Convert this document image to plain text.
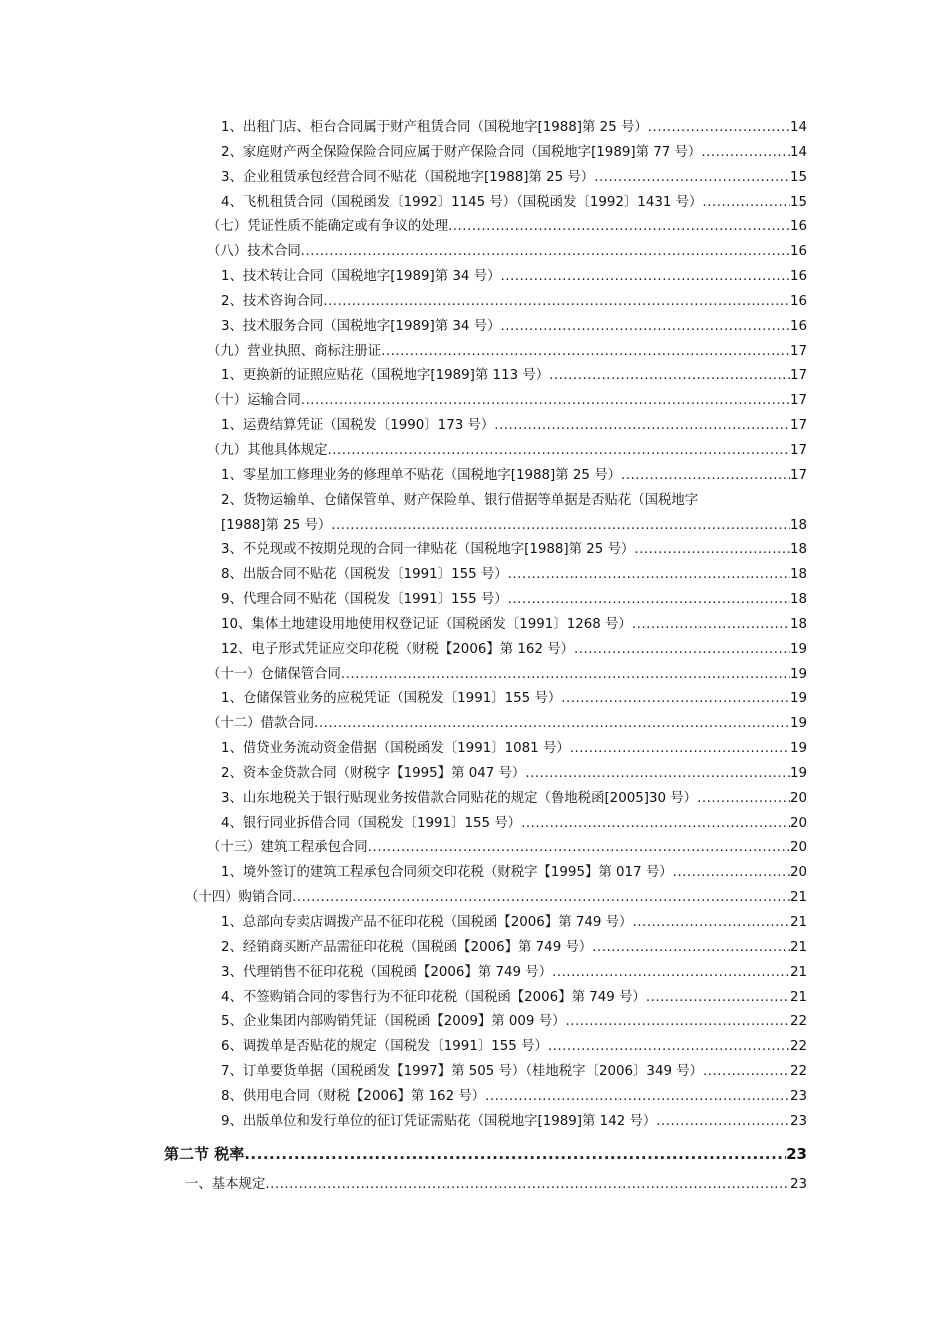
1、出租门店、柜台合同属于财产租赁合同（国税地字[1988]第 25 号） .....	14
2、家庭财产两全保险保险合同应属于财产保险合同（国税地字[1989]第 77 号） .....	14
3、企业租赁承包经营合同不贴花（国税地字[1988]第 25 号） .....	15
4、飞机租赁合同（国税函发〔1992〕1145 号）（国税函发〔1992〕1431 号） .....	15
（七）凭证性质不能确定或有争议的处理 .....	16
（八）技术合同 .....	16
1、技术转让合同（国税地字[1989]第 34 号） .....	16
2、技术咨询合同 .....	16
3、技术服务合同（国税地字[1989]第 34 号） .....	16
（九）营业执照、商标注册证 .....	17
1、更换新的证照应贴花（国税地字[1989]第 113 号） .....	17
（十）运输合同 .....	17
1、运费结算凭证（国税发〔1990〕173 号） .....	17
（九）其他具体规定 .....	17
1、零星加工修理业务的修理单不贴花（国税地字[1988]第 25 号） .....	17
2、货物运输单、仓储保管单、财产保险单、银行借据等单据是否贴花（国税地字
[1988]第 25 号） .....	18
3、不兑现或不按期兑现的合同一律贴花（国税地字[1988]第 25 号） .....	18
8、出版合同不贴花（国税发〔1991〕155 号） .....	18
9、代理合同不贴花（国税发〔1991〕155 号） .....	18
10、集体土地建设用地使用权登记证（国税函发〔1991〕1268 号） .....	18
12、电子形式凭证应交印花税（财税【2006】第 162 号） .....	19
（十一）仓储保管合同 .....	19
1、仓储保管业务的应税凭证（国税发〔1991〕155 号） .....	19
（十二）借款合同 .....	19
1、借贷业务流动资金借据（国税函发〔1991〕1081 号） .....	19
2、资本金贷款合同（财税字【1995】第 047 号） .....	19
3、山东地税关于银行贴现业务按借款合同贴花的规定（鲁地税函[2005]30 号） .....	20
4、银行同业拆借合同（国税发〔1991〕155 号） .....	20
（十三）建筑工程承包合同 .....	20
1、境外签订的建筑工程承包合同须交印花税（财税字【1995】第 017 号） .....	20
（十四）购销合同 .....	21
1、总部向专卖店调拨产品不征印花税（国税函【2006】第 749 号） .....	21
2、经销商买断产品需征印花税（国税函【2006】第 749 号） .....	21
3、代理销售不征印花税（国税函【2006】第 749 号） .....	21
4、不签购销合同的零售行为不征印花税（国税函【2006】第 749 号） .....	21
5、企业集团内部购销凭证（国税函【2009】第 009 号） .....	22
6、调拨单是否贴花的规定（国税发〔1991〕155 号） .....	22
7、订单要货单据（国税函发【1997】第 505 号）（桂地税字〔2006〕349 号） .....	22
8、供用电合同（财税【2006】第 162 号） .....	23
9、出版单位和发行单位的征订凭证需贴花（国税地字[1989]第 142 号） .....	23
第二节 税率 .....	23
一、基本规定 .....	23
